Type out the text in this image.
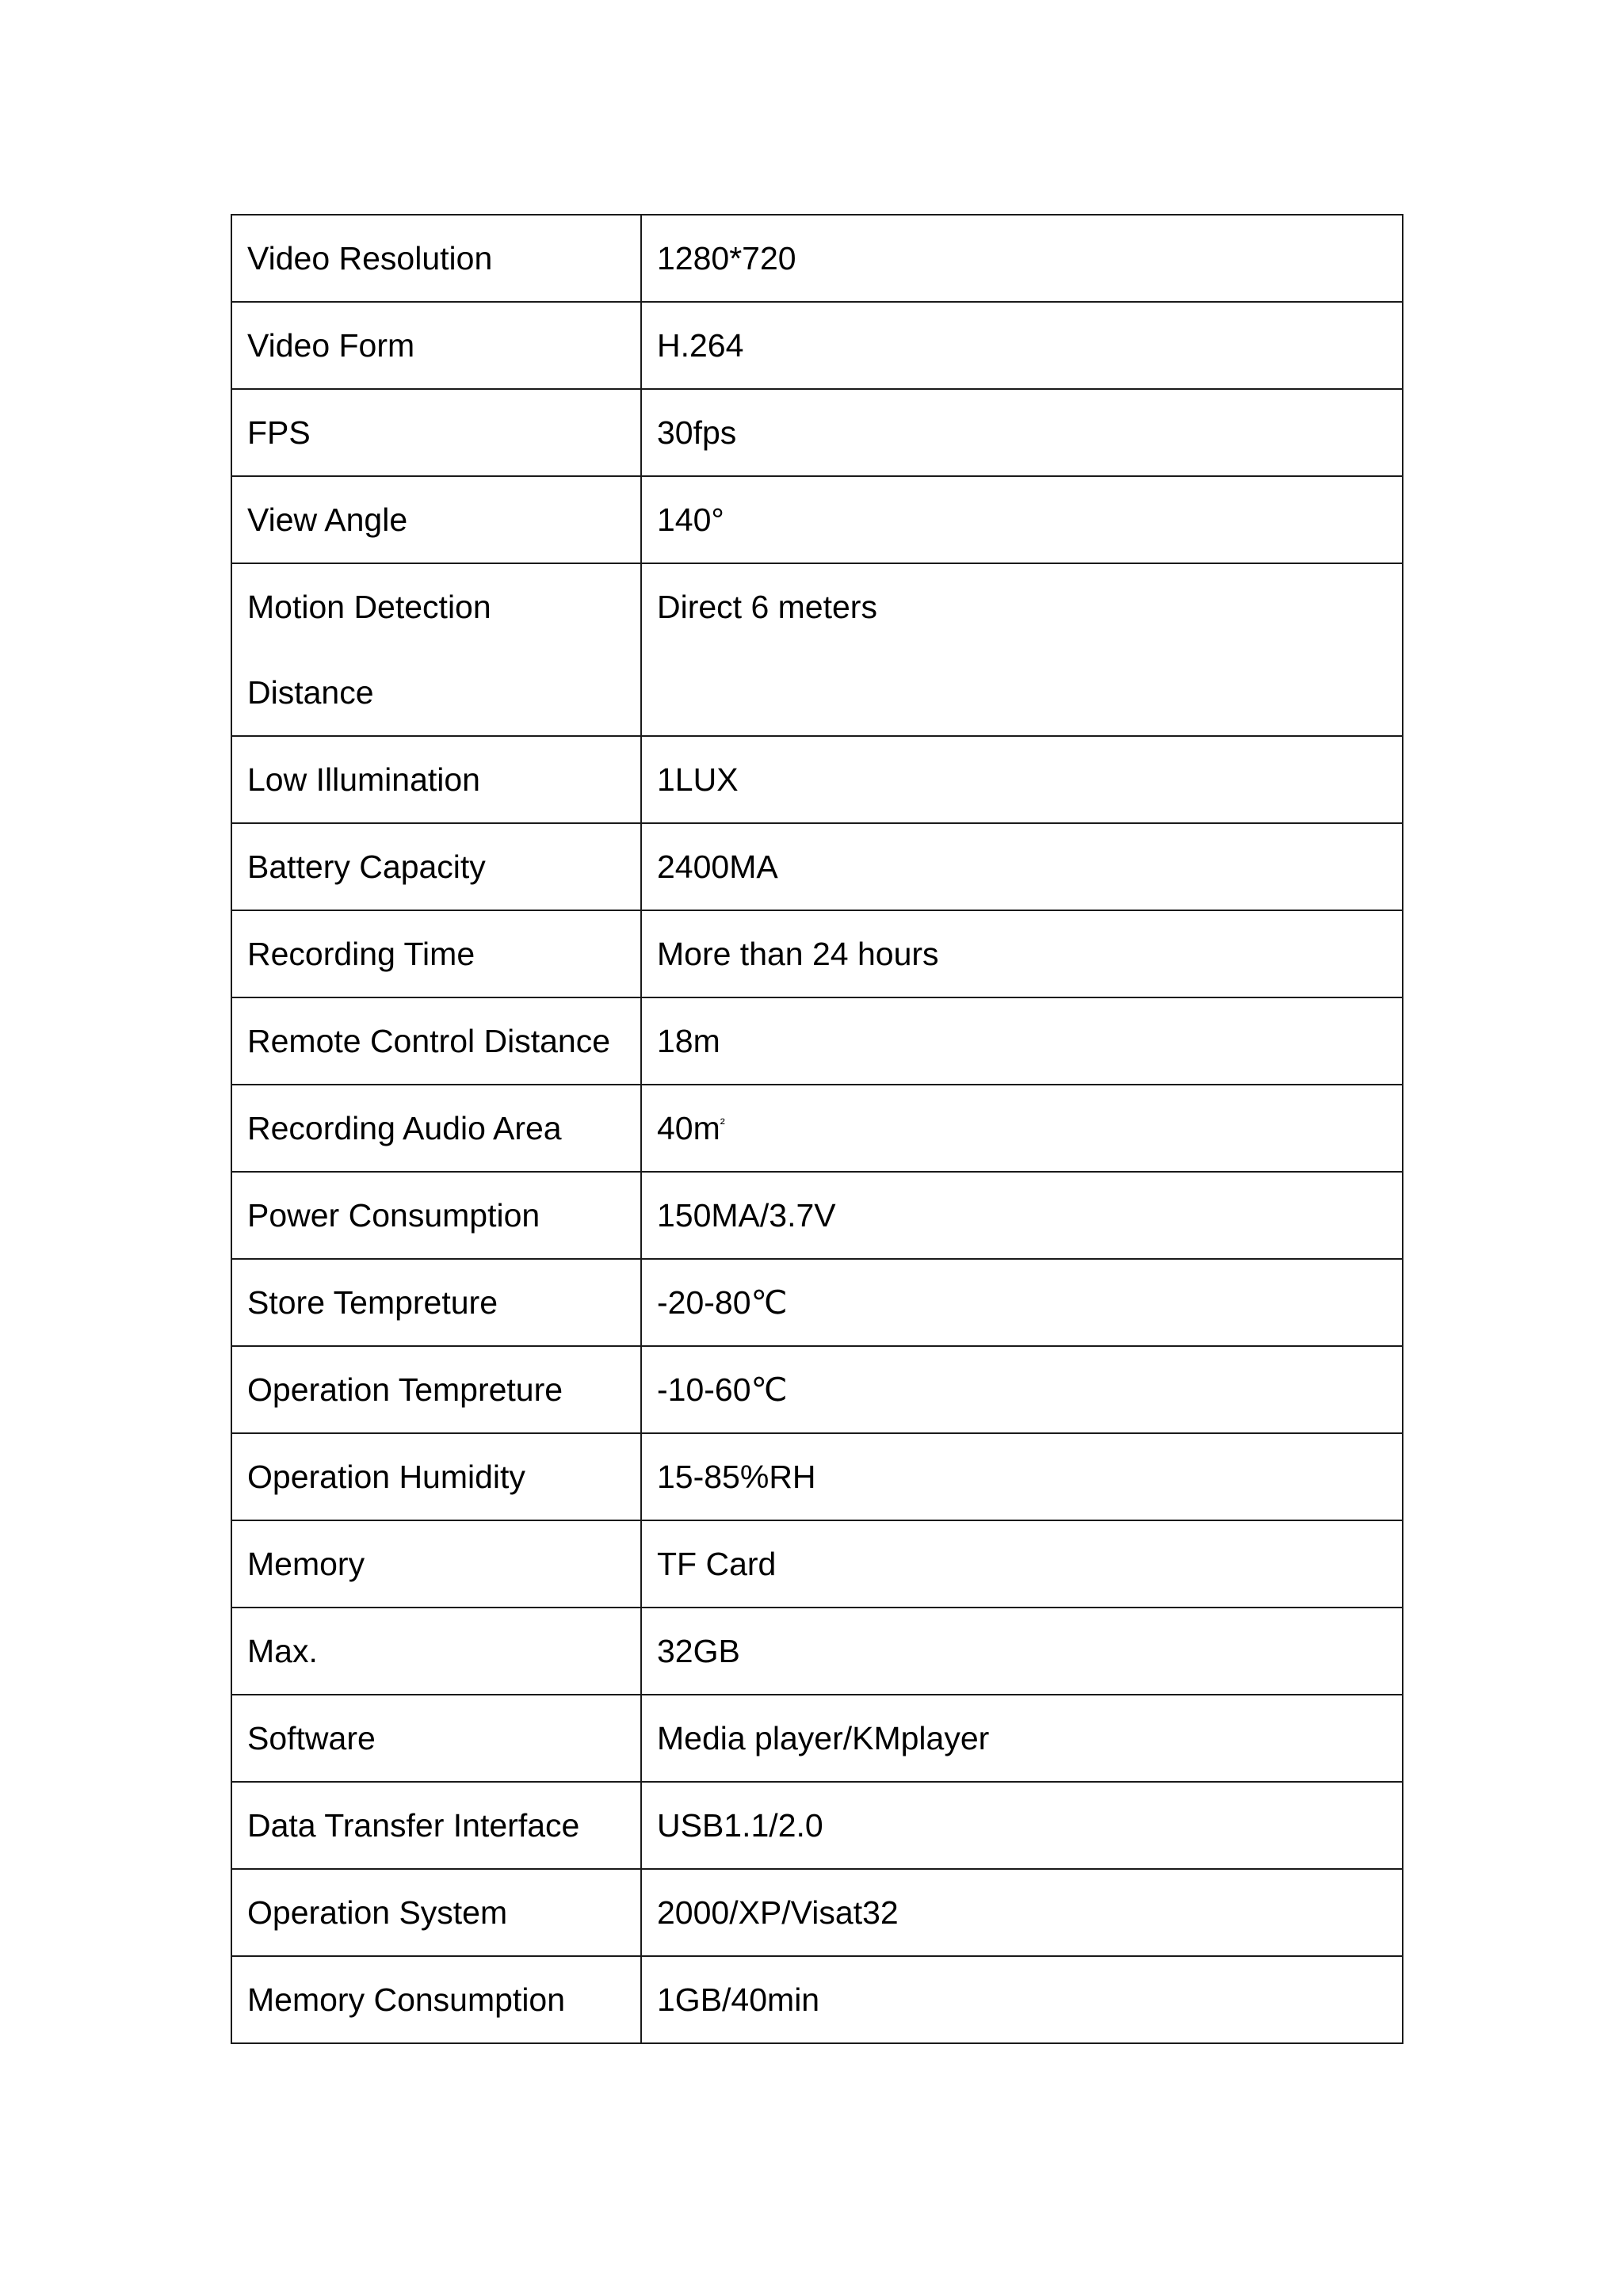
Video Resolution	1280*720
Video Form	H.264
FPS	30fps
View Angle	140°

Motion Detection
Distance	Direct 6 meters
Low Illumination	1LUX
Battery Capacity	2400MA
Recording Time	More than 24 hours
Remote Control Distance	18m
Recording Audio Area	$40m^{^2}$
Power Consumption	150MA/3.7V
Store Tempreture	-20-80℃
Operation Tempreture	-10-60℃
Operation Humidity	15-85%RH
Memory	TF Card
Max.	32GB
Software	Media player/KMplayer
Data Transfer Interface	USB1.1/2.0
Operation System	2000/XP/Visat32
Memory Consumption	1GB/40min
